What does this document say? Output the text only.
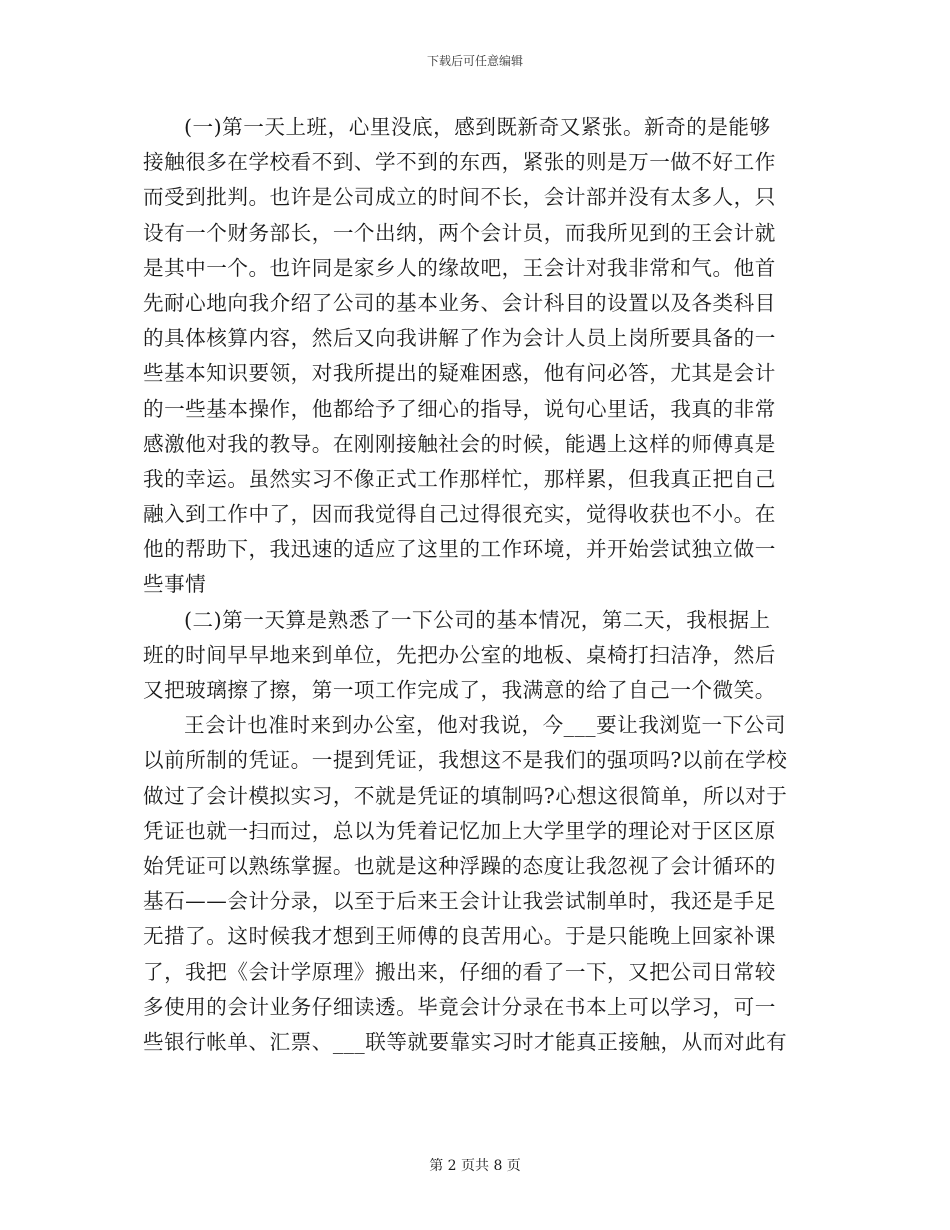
下载后可任意编辑
(一)第一天上班，心里没底，感到既新奇又紧张。新奇的是能够
接触很多在学校看不到、学不到的东西，紧张的则是万一做不好工作
而受到批判。也许是公司成立的时间不长，会计部并没有太多人，只
设有一个财务部长，一个出纳，两个会计员，而我所见到的王会计就
是其中一个。也许同是家乡人的缘故吧，王会计对我非常和气。他首
先耐心地向我介绍了公司的基本业务、会计科目的设置以及各类科目
的具体核算内容，然后又向我讲解了作为会计人员上岗所要具备的一
些基本知识要领，对我所提出的疑难困惑，他有问必答，尤其是会计
的一些基本操作，他都给予了细心的指导，说句心里话，我真的非常
感激他对我的教导。在刚刚接触社会的时候，能遇上这样的师傅真是
我的幸运。虽然实习不像正式工作那样忙，那样累，但我真正把自己
融入到工作中了，因而我觉得自己过得很充实，觉得收获也不小。在
他的帮助下，我迅速的适应了这里的工作环境，并开始尝试独立做一
些事情
(二)第一天算是熟悉了一下公司的基本情况，第二天，我根据上
班的时间早早地来到单位，先把办公室的地板、桌椅打扫洁净，然后
又把玻璃擦了擦，第一项工作完成了，我满意的给了自己一个微笑。
王会计也准时来到办公室，他对我说，今___要让我浏览一下公司
以前所制的凭证。一提到凭证，我想这不是我们的强项吗?以前在学校
做过了会计模拟实习，不就是凭证的填制吗?心想这很简单，所以对于
凭证也就一扫而过，总以为凭着记忆加上大学里学的理论对于区区原
始凭证可以熟练掌握。也就是这种浮躁的态度让我忽视了会计循环的
基石——会计分录，以至于后来王会计让我尝试制单时，我还是手足
无措了。这时候我才想到王师傅的良苦用心。于是只能晚上回家补课
了，我把《会计学原理》搬出来，仔细的看了一下，又把公司日常较
多使用的会计业务仔细读透。毕竟会计分录在书本上可以学习，可一
些银行帐单、汇票、___联等就要靠实习时才能真正接触，从而对此有
第 2 页共 8 页
